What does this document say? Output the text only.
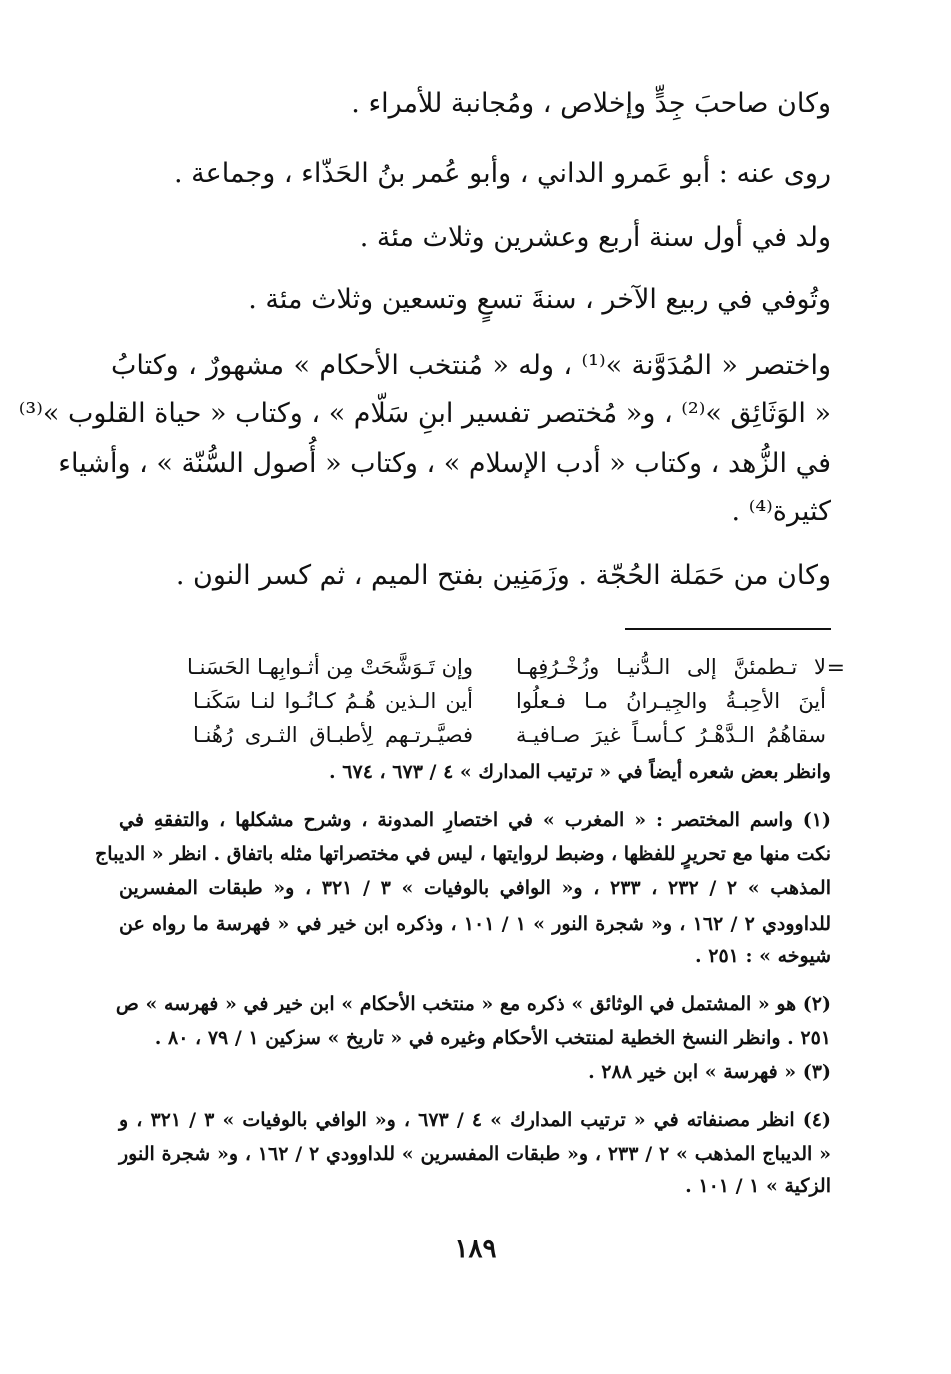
وكان صاحبَ جِدٍّ وإخلاص ، ومُجانبة للأمراء .
روى عنه : أبو عَمرو الداني ، وأبو عُمر بنُ الحَذّاء ، وجماعة .
ولد في أول سنة أربع وعشرين وثلاث مئة .
وتُوفي في ربيع الآخر ، سنةَ تسعٍ وتسعين وثلاث مئة .
واختصر « المُدَوَّنة »⁽¹⁾ ، وله « مُنتخب الأحكام » مشهورٌ ، وكتابُ
« الوَثَائِق »⁽²⁾ ، و« مُختصر تفسير ابنِ سَلّام » ، وكتاب « حياة القلوب »⁽³⁾
في الزُّهد ، وكتاب « أدب الإسلام » ، وكتاب « أُصول السُّنّة » ، وأشياء
كثيرة⁽⁴⁾ .
وكان من حَمَلة الحُجّة . وزَمَنِين بفتح الميم ، ثم كسر النون .
=
لا تـطمئنَّ إلى الـدُّنيـا وزُخْـرُفِهـا
وإن تَـوَشَّحَتْ مِن أثـوابِهـا الحَسَنـا
أينَ الأحِبـةُ والجِيـرانُ مـا فـعلُوا
أين الـذين هُـمُ كـانُـوا لنـا سَكَنـا
سقاهُمُ الـدَّهْـرُ كـأسـاً غيرَ صـافيـة
فصيَّـرتـهم لِأطبـاق الثـرى رُهُنـا
وانظر بعض شعره أيضاً في « ترتيب المدارك » ٤ / ٦٧٣ ، ٦٧٤ .
(١) واسم المختصر : « المغرب » في اختصارِ المدونة ، وشرح مشكلها ، والتفقهِ في
نكت منها مع تحريرٍ للفظها ، وضبط لروايتها ، ليس في مختصراتها مثله باتفاق . انظر « الديباج
المذهب » ٢ / ٢٣٢ ، ٢٣٣ ، و« الوافي بالوفيات » ٣ / ٣٢١ ، و« طبقات المفسرين
للداوودي ٢ / ١٦٢ ، و« شجرة النور » ١ / ١٠١ ، وذكره ابن خير في « فهرسة ما رواه عن
شيوخه » : ٢٥١ .
(٢) هو « المشتمل في الوثائق » ذكره مع « منتخب الأحكام » ابن خير في « فهرسه » ص
٢٥١ . وانظر النسخ الخطية لمنتخب الأحكام وغيره في « تاريخ » سزكين ١ / ٧٩ ، ٨٠ .
(٣) « فهرسة » ابن خير ٢٨٨ .
(٤) انظر مصنفاته في « ترتيب المدارك » ٤ / ٦٧٣ ، و« الوافي بالوفيات » ٣ / ٣٢١ ، و
« الديباج المذهب » ٢ / ٢٣٣ ، و« طبقات المفسرين » للداوودي ٢ / ١٦٢ ، و« شجرة النور
الزكية » ١ / ١٠١ .
١٨٩
